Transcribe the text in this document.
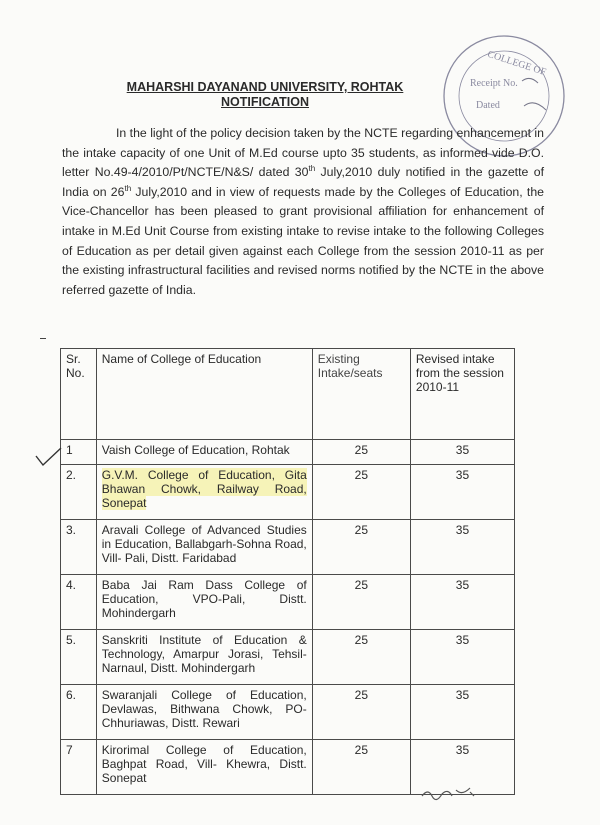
COLLEGE OF
Receipt No.
Dated
MAHARSHI DAYANAND UNIVERSITY, ROHTAK
NOTIFICATION
In the light of the policy decision taken by the NCTE regarding enhancement in the intake capacity of one Unit of M.Ed course upto 35 students, as informed vide D.O. letter No.49-4/2010/Pt/NCTE/N&S/ dated 30th July,2010 duly notified in the gazette of India on 26th July,2010 and in view of requests made by the Colleges of Education, the Vice-Chancellor has been pleased to grant provisional affiliation for enhancement of intake in M.Ed Unit Course from existing intake to revise intake to the following Colleges of Education as per detail given against each College from the session 2010-11 as per the existing infrastructural facilities and revised norms notified by the NCTE in the above referred gazette of India.
Sr. No.	Name of College of Education	Existing Intake/seats	Revised intake from the session 2010-11
1	Vaish College of Education, Rohtak	25	35
2.	G.V.M. College of Education, Gita Bhawan Chowk, Railway Road, Sonepat	25	35
3.	Aravali College of Advanced Studies in Education, Ballabgarh-Sohna Road, Vill- Pali, Distt. Faridabad	25	35
4.	Baba Jai Ram Dass College of Education, VPO-Pali, Distt. Mohindergarh	25	35
5.	Sanskriti Institute of Education & Technology, Amarpur Jorasi, Tehsil-Narnaul, Distt. Mohindergarh	25	35
6.	Swaranjali College of Education, Devlawas, Bithwana Chowk, PO-Chhuriawas, Distt. Rewari	25	35
7	Kirorimal College of Education, Baghpat Road, Vill- Khewra, Distt. Sonepat	25	35
